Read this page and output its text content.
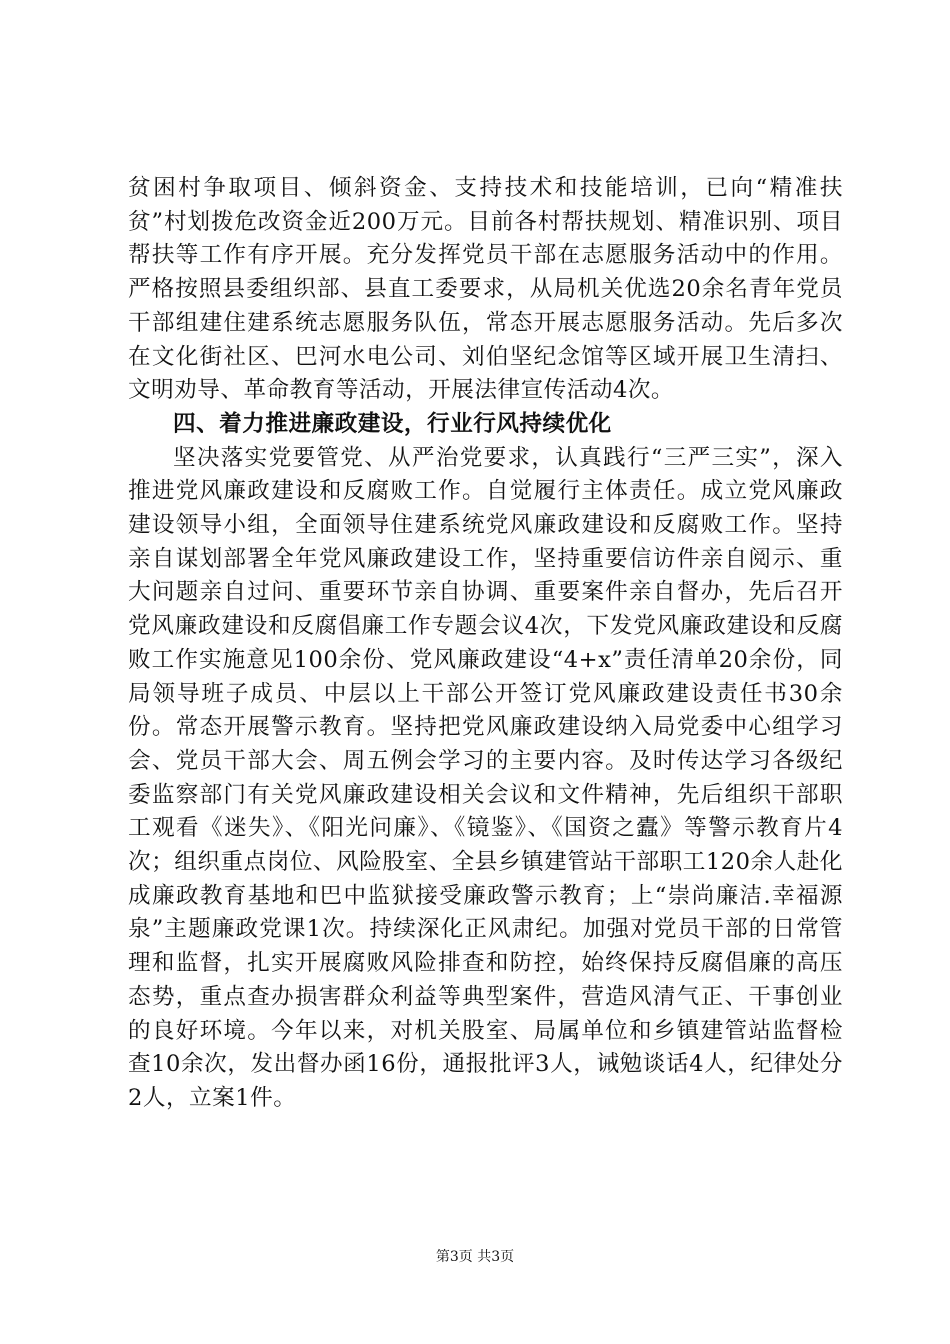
贫困村争取项目、倾斜资金、支持技术和技能培训，已向“精准扶贫”村划拨危改资金近200万元。目前各村帮扶规划、精准识别、项目帮扶等工作有序开展。充分发挥党员干部在志愿服务活动中的作用。严格按照县委组织部、县直工委要求，从局机关优选20余名青年党员干部组建住建系统志愿服务队伍，常态开展志愿服务活动。先后多次在文化街社区、巴河水电公司、刘伯坚纪念馆等区域开展卫生清扫、文明劝导、革命教育等活动，开展法律宣传活动4次。

四、着力推进廉政建设，行业行风持续优化

坚决落实党要管党、从严治党要求，认真践行“三严三实”，深入推进党风廉政建设和反腐败工作。自觉履行主体责任。成立党风廉政建设领导小组，全面领导住建系统党风廉政建设和反腐败工作。坚持亲自谋划部署全年党风廉政建设工作，坚持重要信访件亲自阅示、重大问题亲自过问、重要环节亲自协调、重要案件亲自督办，先后召开党风廉政建设和反腐倡廉工作专题会议4次，下发党风廉政建设和反腐败工作实施意见100余份、党风廉政建设“4+x”责任清单20余份，同局领导班子成员、中层以上干部公开签订党风廉政建设责任书30余份。常态开展警示教育。坚持把党风廉政建设纳入局党委中心组学习会、党员干部大会、周五例会学习的主要内容。及时传达学习各级纪委监察部门有关党风廉政建设相关会议和文件精神，先后组织干部职工观看《迷失》、《阳光问廉》、《镜鉴》、《国资之蠹》等警示教育片4次；组织重点岗位、风险股室、全县乡镇建管站干部职工120余人赴化成廉政教育基地和巴中监狱接受廉政警示教育；上“崇尚廉洁.幸福源泉”主题廉政党课1次。持续深化正风肃纪。加强对党员干部的日常管理和监督，扎实开展腐败风险排查和防控，始终保持反腐倡廉的高压态势，重点查办损害群众利益等典型案件，营造风清气正、干事创业的良好环境。今年以来，对机关股室、局属单位和乡镇建管站监督检查10余次，发出督办函16份，通报批评3人，诫勉谈话4人，纪律处分2人，立案1件。

第3页 共3页
